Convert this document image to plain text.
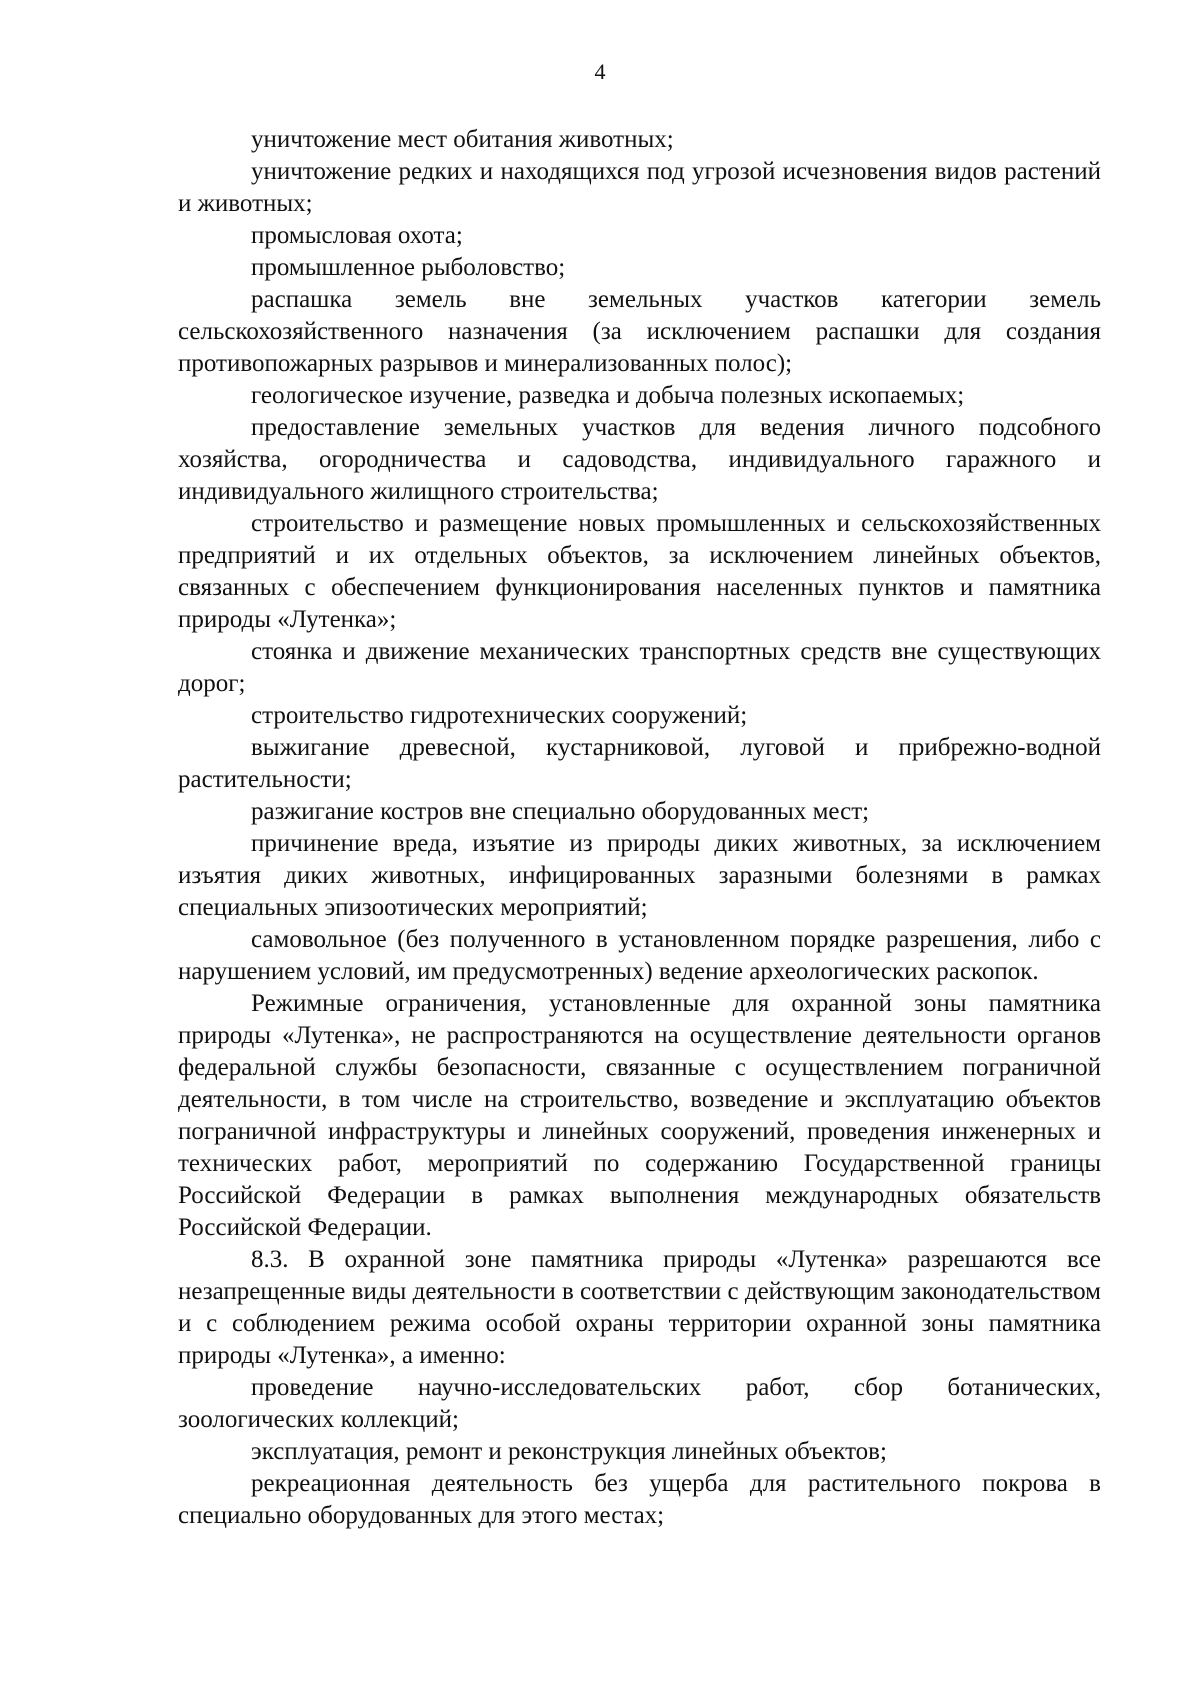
4

уничтожение мест обитания животных;

уничтожение редких и находящихся под угрозой исчезновения видов растений и животных;

промысловая охота;

промышленное рыболовство;

распашка земель вне земельных участков категории земель сельскохозяйственного назначения (за исключением распашки для создания противопожарных разрывов и минерализованных полос);

геологическое изучение, разведка и добыча полезных ископаемых;

предоставление земельных участков для ведения личного подсобного хозяйства, огородничества и садоводства, индивидуального гаражного и индивидуального жилищного строительства;

строительство и размещение новых промышленных и сельскохозяйственных предприятий и их отдельных объектов, за исключением линейных объектов, связанных с обеспечением функционирования населенных пунктов и памятника природы «Лутенка»;

стоянка и движение механических транспортных средств вне существующих дорог;

строительство гидротехнических сооружений;

выжигание древесной, кустарниковой, луговой и прибрежно-водной растительности;

разжигание костров вне специально оборудованных мест;

причинение вреда, изъятие из природы диких животных, за исключением изъятия диких животных, инфицированных заразными болезнями в рамках специальных эпизоотических мероприятий;

самовольное (без полученного в установленном порядке разрешения, либо с нарушением условий, им предусмотренных) ведение археологических раскопок.

Режимные ограничения, установленные для охранной зоны памятника природы «Лутенка», не распространяются на осуществление деятельности органов федеральной службы безопасности, связанные с осуществлением пограничной деятельности, в том числе на строительство, возведение и эксплуатацию объектов пограничной инфраструктуры и линейных сооружений, проведения инженерных и технических работ, мероприятий по содержанию Государственной границы Российской Федерации в рамках выполнения международных обязательств Российской Федерации.

8.3. В охранной зоне памятника природы «Лутенка» разрешаются все незапрещенные виды деятельности в соответствии с действующим законодательством и с соблюдением режима особой охраны территории охранной зоны памятника природы «Лутенка», а именно:

проведение научно-исследовательских работ, сбор ботанических, зоологических коллекций;

эксплуатация, ремонт и реконструкция линейных объектов;

рекреационная деятельность без ущерба для растительного покрова в специально оборудованных для этого местах;
